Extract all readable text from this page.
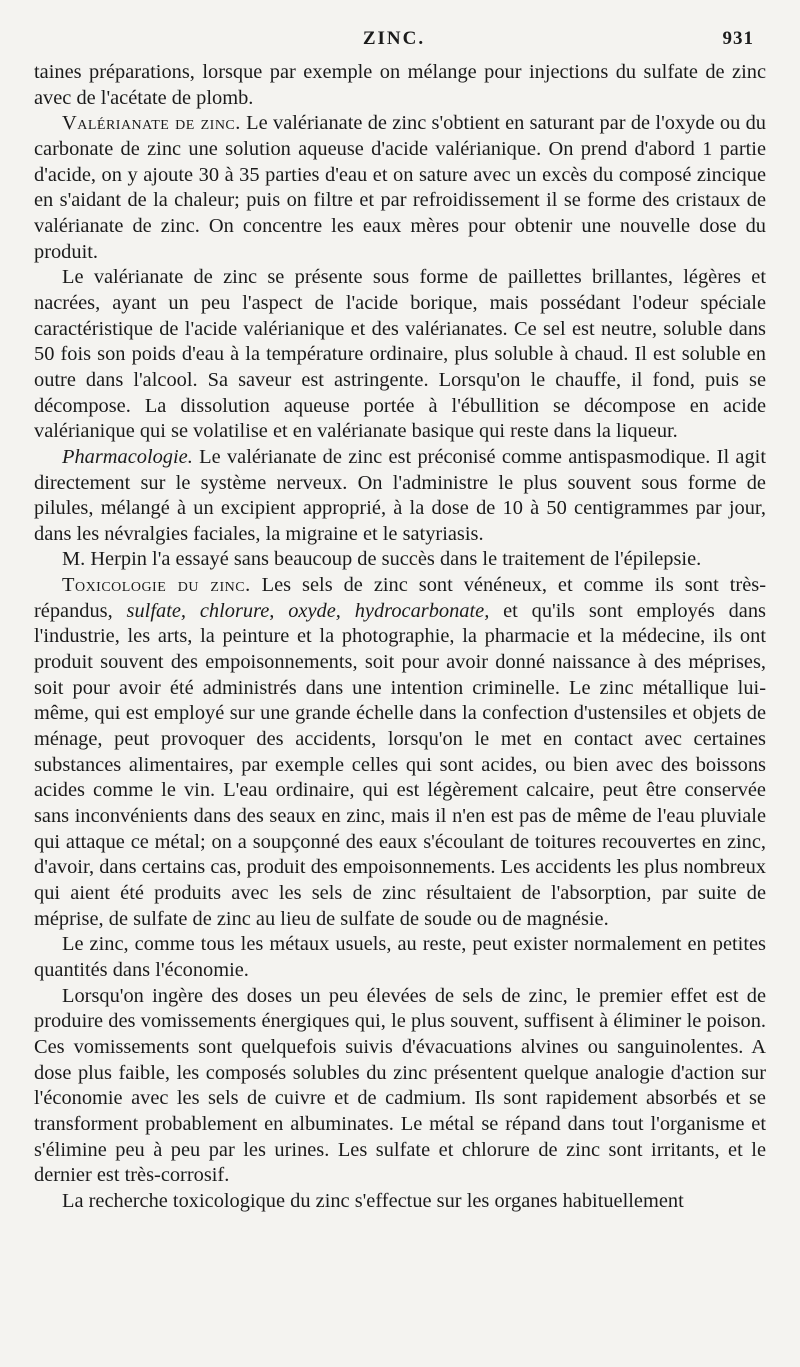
ZINC.	931

taines préparations, lorsque par exemple on mélange pour injections du sulfate de zinc avec de l'acétate de plomb.

Valérianate de zinc. Le valérianate de zinc s'obtient en saturant par de l'oxyde ou du carbonate de zinc une solution aqueuse d'acide valérianique. On prend d'abord 1 partie d'acide, on y ajoute 30 à 35 parties d'eau et on sature avec un excès du composé zincique en s'aidant de la chaleur; puis on filtre et par refroidissement il se forme des cristaux de valérianate de zinc. On concentre les eaux mères pour obtenir une nouvelle dose du produit.

Le valérianate de zinc se présente sous forme de paillettes brillantes, légères et nacrées, ayant un peu l'aspect de l'acide borique, mais possédant l'odeur spéciale caractéristique de l'acide valérianique et des valérianates. Ce sel est neutre, soluble dans 50 fois son poids d'eau à la température ordinaire, plus soluble à chaud. Il est soluble en outre dans l'alcool. Sa saveur est astringente. Lorsqu'on le chauffe, il fond, puis se décompose. La dissolution aqueuse portée à l'ébullition se décompose en acide valérianique qui se volatilise et en valérianate basique qui reste dans la liqueur.

Pharmacologie. Le valérianate de zinc est préconisé comme antispasmodique. Il agit directement sur le système nerveux. On l'administre le plus souvent sous forme de pilules, mélangé à un excipient approprié, à la dose de 10 à 50 centigrammes par jour, dans les névralgies faciales, la migraine et le satyriasis.

M. Herpin l'a essayé sans beaucoup de succès dans le traitement de l'épilepsie.

Toxicologie du zinc. Les sels de zinc sont vénéneux, et comme ils sont très-répandus, sulfate, chlorure, oxyde, hydrocarbonate, et qu'ils sont employés dans l'industrie, les arts, la peinture et la photographie, la pharmacie et la médecine, ils ont produit souvent des empoisonnements, soit pour avoir donné naissance à des méprises, soit pour avoir été administrés dans une intention criminelle. Le zinc métallique lui-même, qui est employé sur une grande échelle dans la confection d'ustensiles et objets de ménage, peut provoquer des accidents, lorsqu'on le met en contact avec certaines substances alimentaires, par exemple celles qui sont acides, ou bien avec des boissons acides comme le vin. L'eau ordinaire, qui est légèrement calcaire, peut être conservée sans inconvénients dans des seaux en zinc, mais il n'en est pas de même de l'eau pluviale qui attaque ce métal; on a soupçonné des eaux s'écoulant de toitures recouvertes en zinc, d'avoir, dans certains cas, produit des empoisonnements. Les accidents les plus nombreux qui aient été produits avec les sels de zinc résultaient de l'absorption, par suite de méprise, de sulfate de zinc au lieu de sulfate de soude ou de magnésie.

Le zinc, comme tous les métaux usuels, au reste, peut exister normalement en petites quantités dans l'économie.

Lorsqu'on ingère des doses un peu élevées de sels de zinc, le premier effet est de produire des vomissements énergiques qui, le plus souvent, suffisent à éliminer le poison. Ces vomissements sont quelquefois suivis d'évacuations alvines ou sanguinolentes. A dose plus faible, les composés solubles du zinc présentent quelque analogie d'action sur l'économie avec les sels de cuivre et de cadmium. Ils sont rapidement absorbés et se transforment probablement en albuminates. Le métal se répand dans tout l'organisme et s'élimine peu à peu par les urines. Les sulfate et chlorure de zinc sont irritants, et le dernier est très-corrosif.

La recherche toxicologique du zinc s'effectue sur les organes habituellement
